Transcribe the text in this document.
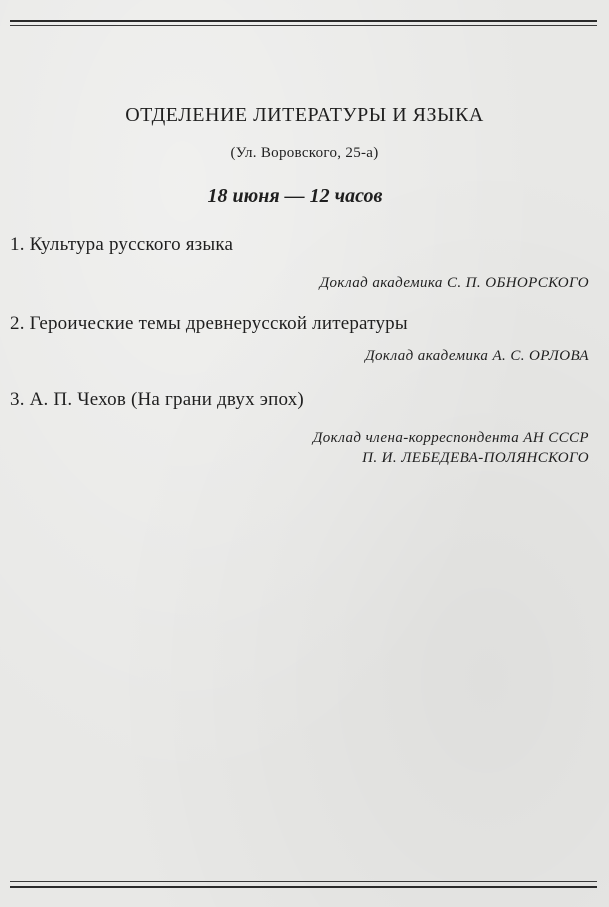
ОТДЕЛЕНИЕ ЛИТЕРАТУРЫ И ЯЗЫКА
(Ул. Воровского, 25-а)
18 июня — 12 часов
1. Культура русского языка
Доклад академика С. П. ОБНОРСКОГО
2. Героические темы древнерусской литературы
Доклад академика А. С. ОРЛОВА
3. А. П. Чехов (На грани двух эпох)
Доклад члена-корреспондента АН СССР
П. И. ЛЕБЕДЕВА-ПОЛЯНСКОГО
